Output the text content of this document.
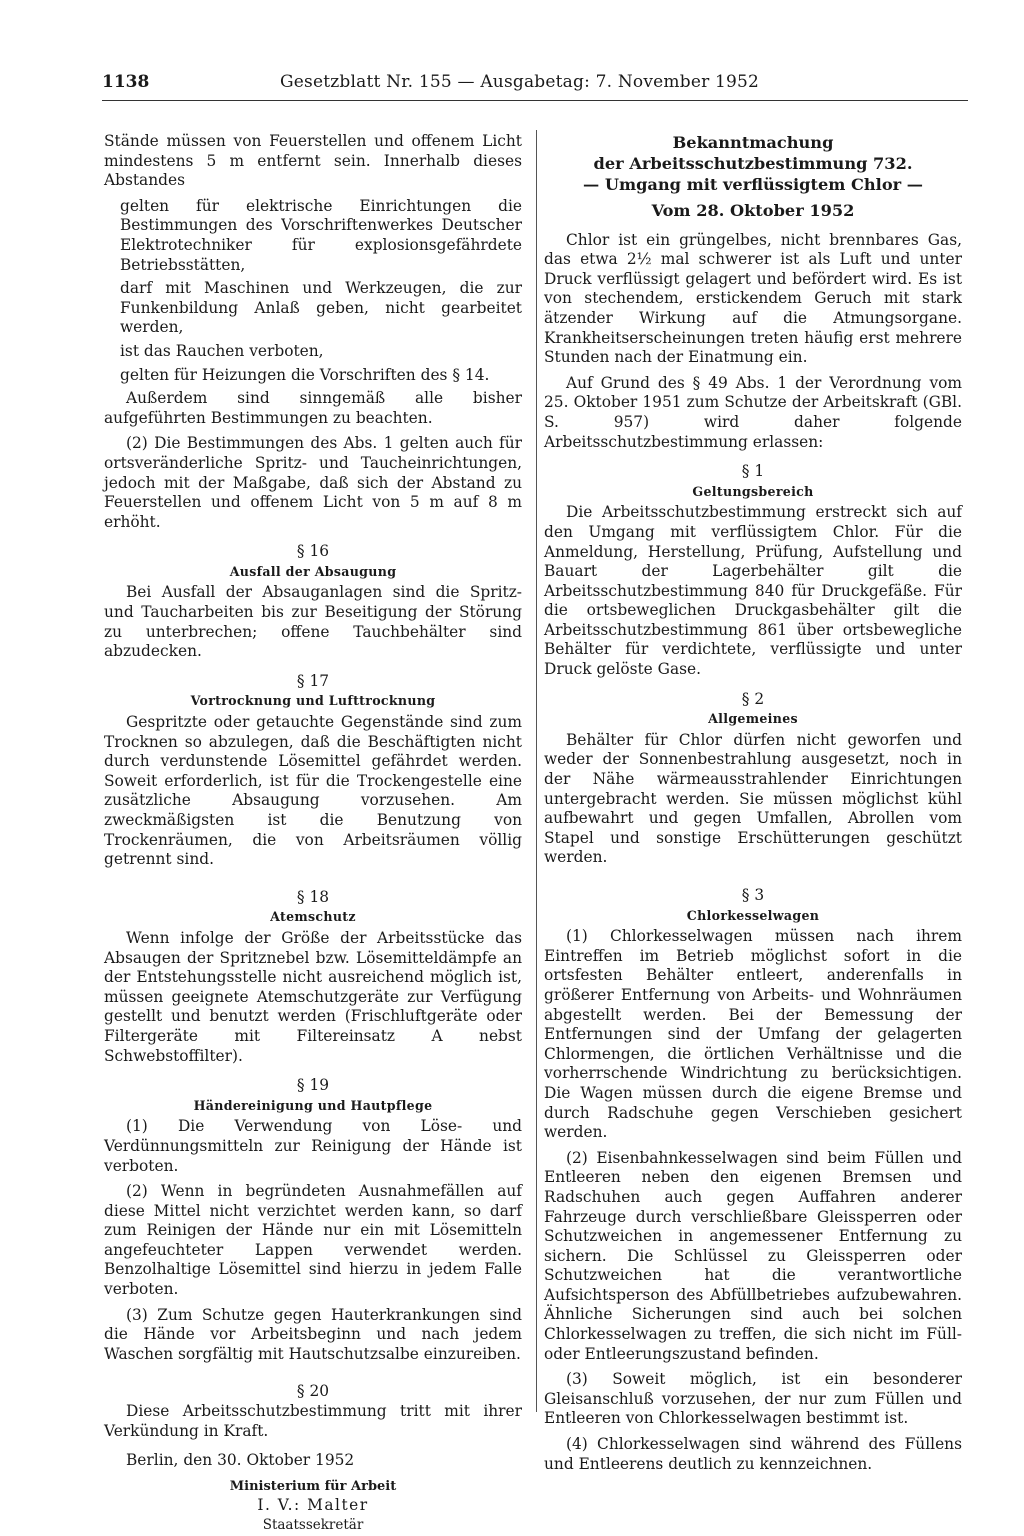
1138	Gesetzblatt Nr. 155 — Ausgabetag: 7. November 1952

Stände müssen von Feuerstellen und offenem Licht mindestens 5 m entfernt sein. Innerhalb dieses Abstandes

gelten für elektrische Einrichtungen die Bestimmungen des Vorschriftenwerkes Deutscher Elektrotechniker für explosionsgefährdete Betriebsstätten,

darf mit Maschinen und Werkzeugen, die zur Funkenbildung Anlaß geben, nicht gearbeitet werden,

ist das Rauchen verboten,

gelten für Heizungen die Vorschriften des § 14.

Außerdem sind sinngemäß alle bisher aufgeführten Bestimmungen zu beachten.

(2) Die Bestimmungen des Abs. 1 gelten auch für ortsveränderliche Spritz- und Taucheinrichtungen, jedoch mit der Maßgabe, daß sich der Abstand zu Feuerstellen und offenem Licht von 5 m auf 8 m erhöht.

§ 16
Ausfall der Absaugung

Bei Ausfall der Absauganlagen sind die Spritz- und Taucharbeiten bis zur Beseitigung der Störung zu unterbrechen; offene Tauchbehälter sind abzudecken.

§ 17
Vortrocknung und Lufttrocknung

Gespritzte oder getauchte Gegenstände sind zum Trocknen so abzulegen, daß die Beschäftigten nicht durch verdunstende Lösemittel gefährdet werden. Soweit erforderlich, ist für die Trockengestelle eine zusätzliche Absaugung vorzusehen. Am zweckmäßigsten ist die Benutzung von Trockenräumen, die von Arbeitsräumen völlig getrennt sind.

§ 18
Atemschutz

Wenn infolge der Größe der Arbeitsstücke das Absaugen der Spritznebel bzw. Lösemitteldämpfe an der Entstehungsstelle nicht ausreichend möglich ist, müssen geeignete Atemschutzgeräte zur Verfügung gestellt und benutzt werden (Frischluftgeräte oder Filtergeräte mit Filtereinsatz A nebst Schwebstoffilter).

§ 19
Händereinigung und Hautpflege

(1) Die Verwendung von Löse- und Verdünnungsmitteln zur Reinigung der Hände ist verboten.

(2) Wenn in begründeten Ausnahmefällen auf diese Mittel nicht verzichtet werden kann, so darf zum Reinigen der Hände nur ein mit Lösemitteln angefeuchteter Lappen verwendet werden. Benzolhaltige Lösemittel sind hierzu in jedem Falle verboten.

(3) Zum Schutze gegen Hauterkrankungen sind die Hände vor Arbeitsbeginn und nach jedem Waschen sorgfältig mit Hautschutzsalbe einzureiben.

§ 20

Diese Arbeitsschutzbestimmung tritt mit ihrer Verkündung in Kraft.

Berlin, den 30. Oktober 1952

Ministerium für Arbeit
I. V.: Malter
Staatssekretär
Bekanntmachung
der Arbeitsschutzbestimmung 732.
— Umgang mit verflüssigtem Chlor —
Vom 28. Oktober 1952

Chlor ist ein grüngelbes, nicht brennbares Gas, das etwa 2½ mal schwerer ist als Luft und unter Druck verflüssigt gelagert und befördert wird. Es ist von stechendem, erstickendem Geruch mit stark ätzender Wirkung auf die Atmungsorgane. Krankheitserscheinungen treten häufig erst mehrere Stunden nach der Einatmung ein.

Auf Grund des § 49 Abs. 1 der Verordnung vom 25. Oktober 1951 zum Schutze der Arbeitskraft (GBl. S. 957) wird daher folgende Arbeitsschutzbestimmung erlassen:

§ 1
Geltungsbereich

Die Arbeitsschutzbestimmung erstreckt sich auf den Umgang mit verflüssigtem Chlor. Für die Anmeldung, Herstellung, Prüfung, Aufstellung und Bauart der Lagerbehälter gilt die Arbeitsschutzbestimmung 840 für Druckgefäße. Für die ortsbeweglichen Druckgasbehälter gilt die Arbeitsschutzbestimmung 861 über ortsbewegliche Behälter für verdichtete, verflüssigte und unter Druck gelöste Gase.

§ 2
Allgemeines

Behälter für Chlor dürfen nicht geworfen und weder der Sonnenbestrahlung ausgesetzt, noch in der Nähe wärmeausstrahlender Einrichtungen untergebracht werden. Sie müssen möglichst kühl aufbewahrt und gegen Umfallen, Abrollen vom Stapel und sonstige Erschütterungen geschützt werden.

§ 3
Chlorkesselwagen

(1) Chlorkesselwagen müssen nach ihrem Eintreffen im Betrieb möglichst sofort in die ortsfesten Behälter entleert, anderenfalls in größerer Entfernung von Arbeits- und Wohnräumen abgestellt werden. Bei der Bemessung der Entfernungen sind der Umfang der gelagerten Chlormengen, die örtlichen Verhältnisse und die vorherrschende Windrichtung zu berücksichtigen. Die Wagen müssen durch die eigene Bremse und durch Radschuhe gegen Verschieben gesichert werden.

(2) Eisenbahnkesselwagen sind beim Füllen und Entleeren neben den eigenen Bremsen und Radschuhen auch gegen Auffahren anderer Fahrzeuge durch verschließbare Gleissperren oder Schutzweichen in angemessener Entfernung zu sichern. Die Schlüssel zu Gleissperren oder Schutzweichen hat die verantwortliche Aufsichtsperson des Abfüllbetriebes aufzubewahren. Ähnliche Sicherungen sind auch bei solchen Chlorkesselwagen zu treffen, die sich nicht im Füll- oder Entleerungszustand befinden.

(3) Soweit möglich, ist ein besonderer Gleisanschluß vorzusehen, der nur zum Füllen und Entleeren von Chlorkesselwagen bestimmt ist.

(4) Chlorkesselwagen sind während des Füllens und Entleerens deutlich zu kennzeichnen.
